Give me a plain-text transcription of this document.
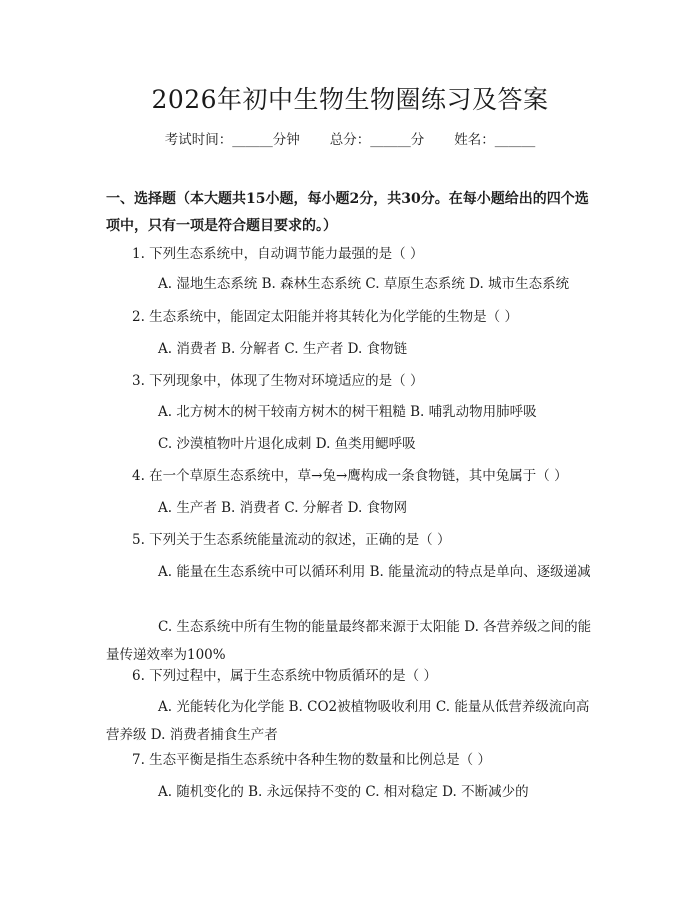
2026年初中生物生物圈练习及答案
考试时间：______分钟 总分：______分 姓名：______
一、选择题（本大题共15小题，每小题2分，共30分。在每小题给出的四个选项中，只有一项是符合题目要求的。）
1. 下列生态系统中，自动调节能力最强的是（ ）
A. 湿地生态系统 B. 森林生态系统 C. 草原生态系统 D. 城市生态系统
2. 生态系统中，能固定太阳能并将其转化为化学能的生物是（ ）
A. 消费者 B. 分解者 C. 生产者 D. 食物链
3. 下列现象中，体现了生物对环境适应的是（ ）
A. 北方树木的树干较南方树木的树干粗糙 B. 哺乳动物用肺呼吸
C. 沙漠植物叶片退化成刺 D. 鱼类用鳃呼吸
4. 在一个草原生态系统中，草→兔→鹰构成一条食物链，其中兔属于（ ）
A. 生产者 B. 消费者 C. 分解者 D. 食物网
5. 下列关于生态系统能量流动的叙述，正确的是（ ）
A. 能量在生态系统中可以循环利用 B. 能量流动的特点是单向、逐级递减
C. 生态系统中所有生物的能量最终都来源于太阳能 D. 各营养级之间的能量传递效率为100%
6. 下列过程中，属于生态系统中物质循环的是（ ）
A. 光能转化为化学能 B. CO2被植物吸收利用 C. 能量从低营养级流向高营养级 D. 消费者捕食生产者
7. 生态平衡是指生态系统中各种生物的数量和比例总是（ ）
A. 随机变化的 B. 永远保持不变的 C. 相对稳定 D. 不断减少的
